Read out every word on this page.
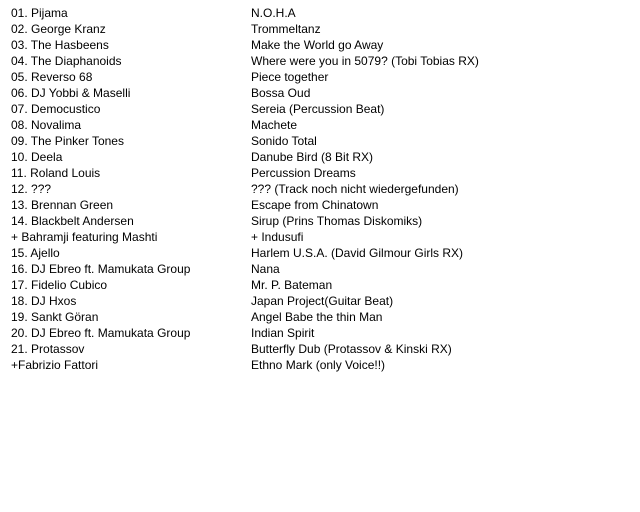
01. Pijama	N.O.H.A
02. George Kranz	Trommeltanz
03. The Hasbeens	Make the World go Away
04. The Diaphanoids	Where were you in 5079? (Tobi Tobias RX)
05. Reverso 68	Piece together
06. DJ Yobbi & Maselli	Bossa Oud
07. Democustico	Sereia (Percussion Beat)
08. Novalima	Machete
09. The Pinker Tones	Sonido Total
10. Deela	Danube Bird (8 Bit RX)
11. Roland Louis	Percussion Dreams
12. ???	??? (Track noch nicht wiedergefunden)
13. Brennan Green	Escape from Chinatown
14. Blackbelt Andersen	Sirup (Prins Thomas Diskomiks)
+ Bahramji featuring Mashti	+ Indusufi
15. Ajello	Harlem U.S.A. (David Gilmour Girls RX)
16. DJ Ebreo ft. Mamukata Group	Nana
17. Fidelio Cubico	Mr. P. Bateman
18. DJ Hxos	Japan Project(Guitar Beat)
19. Sankt Göran	Angel Babe the thin Man
20. DJ Ebreo ft. Mamukata Group	Indian Spirit
21. Protassov	Butterfly Dub (Protassov & Kinski RX)
+Fabrizio Fattori	Ethno Mark (only Voice!!)
